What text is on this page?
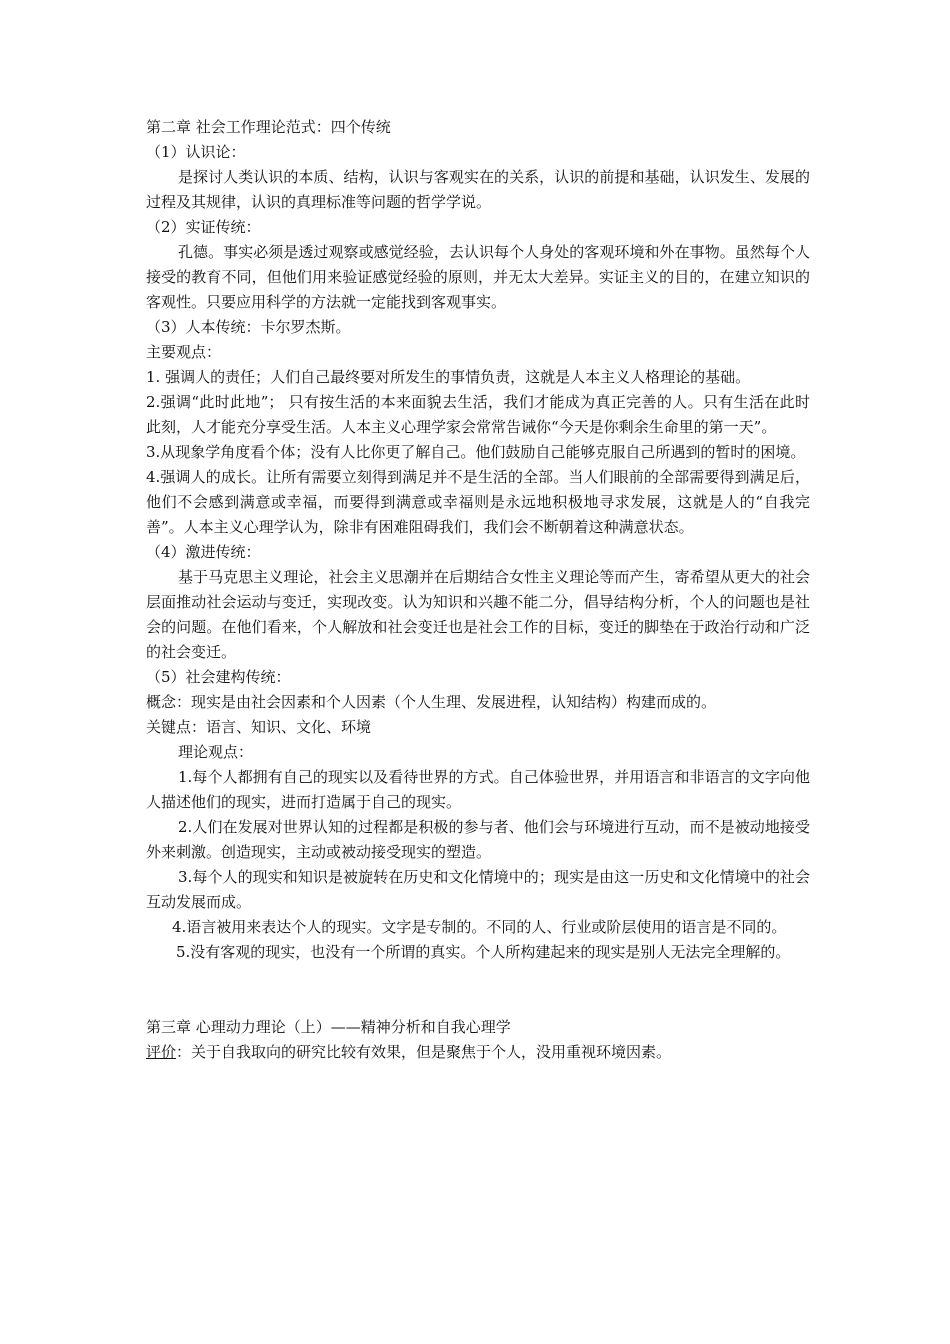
第二章 社会工作理论范式：四个传统

（1）认识论：

是探讨人类认识的本质、结构，认识与客观实在的关系，认识的前提和基础，认识发生、发展的过程及其规律，认识的真理标准等问题的哲学学说。

（2）实证传统：

孔德。事实必须是透过观察或感觉经验，去认识每个人身处的客观环境和外在事物。虽然每个人接受的教育不同，但他们用来验证感觉经验的原则，并无太大差异。实证主义的目的，在建立知识的客观性。只要应用科学的方法就一定能找到客观事实。

（3）人本传统：卡尔罗杰斯。

主要观点：

1. 强调人的责任；人们自己最终要对所发生的事情负责，这就是人本主义人格理论的基础。

2.强调“此时此地”； 只有按生活的本来面貌去生活，我们才能成为真正完善的人。只有生活在此时此刻，人才能充分享受生活。人本主义心理学家会常常告诫你“今天是你剩余生命里的第一天”。

3.从现象学角度看个体；没有人比你更了解自己。他们鼓励自己能够克服自己所遇到的暂时的困境。

4.强调人的成长。让所有需要立刻得到满足并不是生活的全部。当人们眼前的全部需要得到满足后，他们不会感到满意或幸福，而要得到满意或幸福则是永远地积极地寻求发展，这就是人的“自我完善”。人本主义心理学认为，除非有困难阻碍我们，我们会不断朝着这种满意状态。

（4）激进传统：

基于马克思主义理论，社会主义思潮并在后期结合女性主义理论等而产生，寄希望从更大的社会层面推动社会运动与变迁，实现改变。认为知识和兴趣不能二分，倡导结构分析，个人的问题也是社会的问题。在他们看来，个人解放和社会变迁也是社会工作的目标，变迁的脚垫在于政治行动和广泛的社会变迁。

（5）社会建构传统：

概念：现实是由社会因素和个人因素（个人生理、发展进程，认知结构）构建而成的。

关键点：语言、知识、文化、环境

理论观点：

1.每个人都拥有自己的现实以及看待世界的方式。自己体验世界，并用语言和非语言的文字向他人描述他们的现实，进而打造属于自己的现实。

2.人们在发展对世界认知的过程都是积极的参与者、他们会与环境进行互动，而不是被动地接受外来刺激。创造现实，主动或被动接受现实的塑造。

3.每个人的现实和知识是被旋转在历史和文化情境中的；现实是由这一历史和文化情境中的社会互动发展而成。

4.语言被用来表达个人的现实。文字是专制的。不同的人、行业或阶层使用的语言是不同的。

5.没有客观的现实，也没有一个所谓的真实。个人所构建起来的现实是别人无法完全理解的。

第三章 心理动力理论（上）——精神分析和自我心理学

评价：关于自我取向的研究比较有效果，但是聚焦于个人，没用重视环境因素。
